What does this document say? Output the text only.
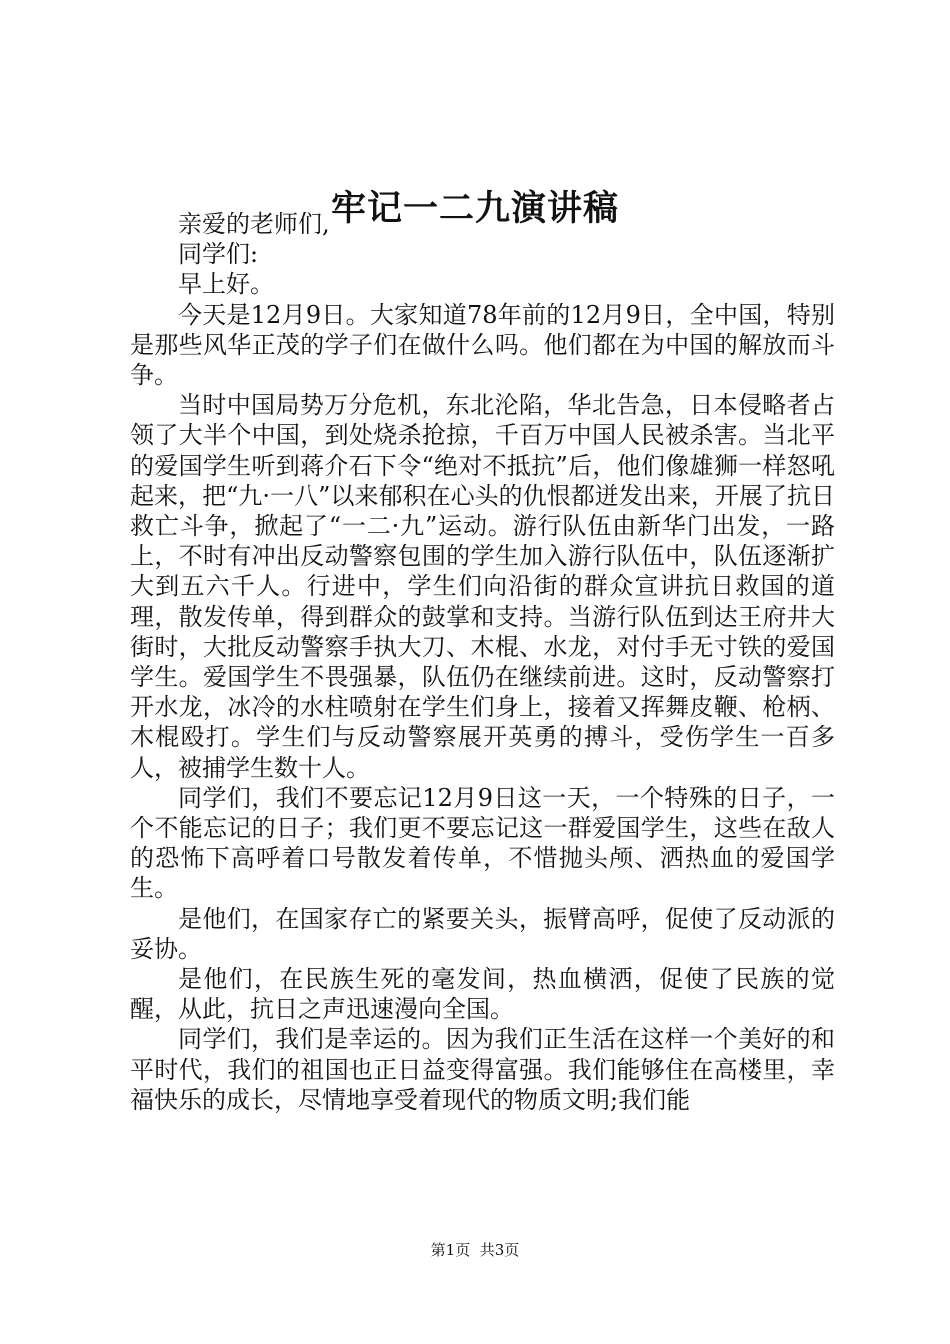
牢记一二九演讲稿

亲爱的老师们,

同学们:

早上好。

今天是12月9日。大家知道78年前的12月9日，全中国，特别是那些风华正茂的学子们在做什么吗。他们都在为中国的解放而斗争。

当时中国局势万分危机，东北沦陷，华北告急，日本侵略者占领了大半个中国，到处烧杀抢掠，千百万中国人民被杀害。当北平的爱国学生听到蒋介石下令“绝对不抵抗”后，他们像雄狮一样怒吼起来，把“九·一八”以来郁积在心头的仇恨都迸发出来，开展了抗日救亡斗争，掀起了“一二·九”运动。游行队伍由新华门出发，一路上，不时有冲出反动警察包围的学生加入游行队伍中，队伍逐渐扩大到五六千人。行进中，学生们向沿街的群众宣讲抗日救国的道理，散发传单，得到群众的鼓掌和支持。当游行队伍到达王府井大街时，大批反动警察手执大刀、木棍、水龙，对付手无寸铁的爱国学生。爱国学生不畏强暴，队伍仍在继续前进。这时，反动警察打开水龙，冰冷的水柱喷射在学生们身上，接着又挥舞皮鞭、枪柄、木棍殴打。学生们与反动警察展开英勇的搏斗，受伤学生一百多人，被捕学生数十人。

同学们，我们不要忘记12月9日这一天，一个特殊的日子，一个不能忘记的日子；我们更不要忘记这一群爱国学生，这些在敌人的恐怖下高呼着口号散发着传单，不惜抛头颅、洒热血的爱国学生。

是他们，在国家存亡的紧要关头，振臂高呼，促使了反动派的妥协。

是他们，在民族生死的毫发间，热血横洒，促使了民族的觉醒，从此，抗日之声迅速漫向全国。

同学们，我们是幸运的。因为我们正生活在这样一个美好的和平时代，我们的祖国也正日益变得富强。我们能够住在高楼里，幸福快乐的成长，尽情地享受着现代的物质文明;我们能

第1页 共3页
